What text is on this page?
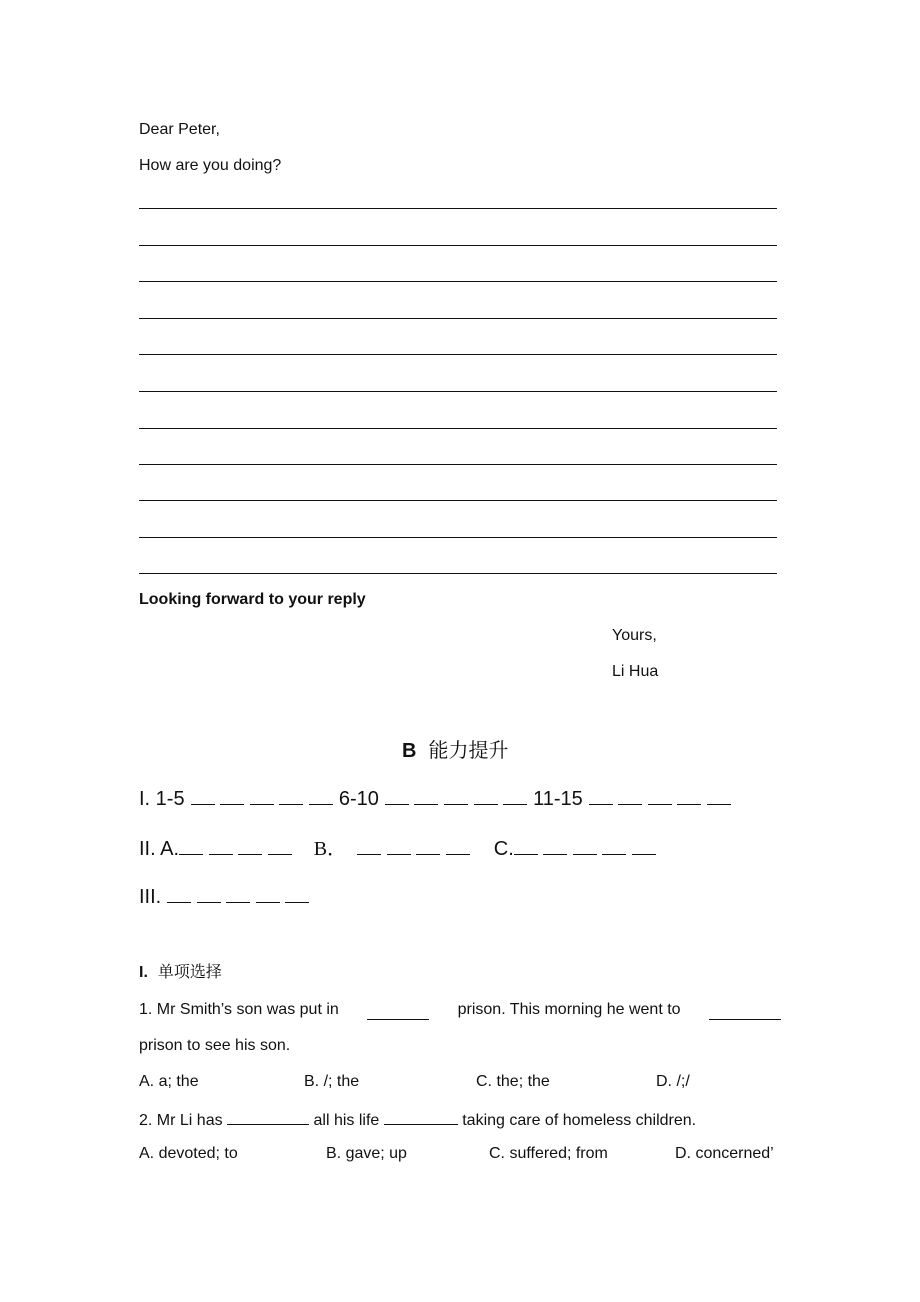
Dear Peter,
How are you doing?
Looking forward to your reply
Yours,
Li Hua
B 能力提升
I. 1-5	6-10	11-15
II. A.	B．	C.
III.
I. 单项选择
1. Mr Smith’s son was put in	prison. This morning he went to
prison to see his son.
A. a; the	B. /; the	C. the; the	D. /;/
2. Mr Li has	all his life	taking care of homeless children.
A. devoted; to	B. gave; up	C. suffered; from	D. concerned’
